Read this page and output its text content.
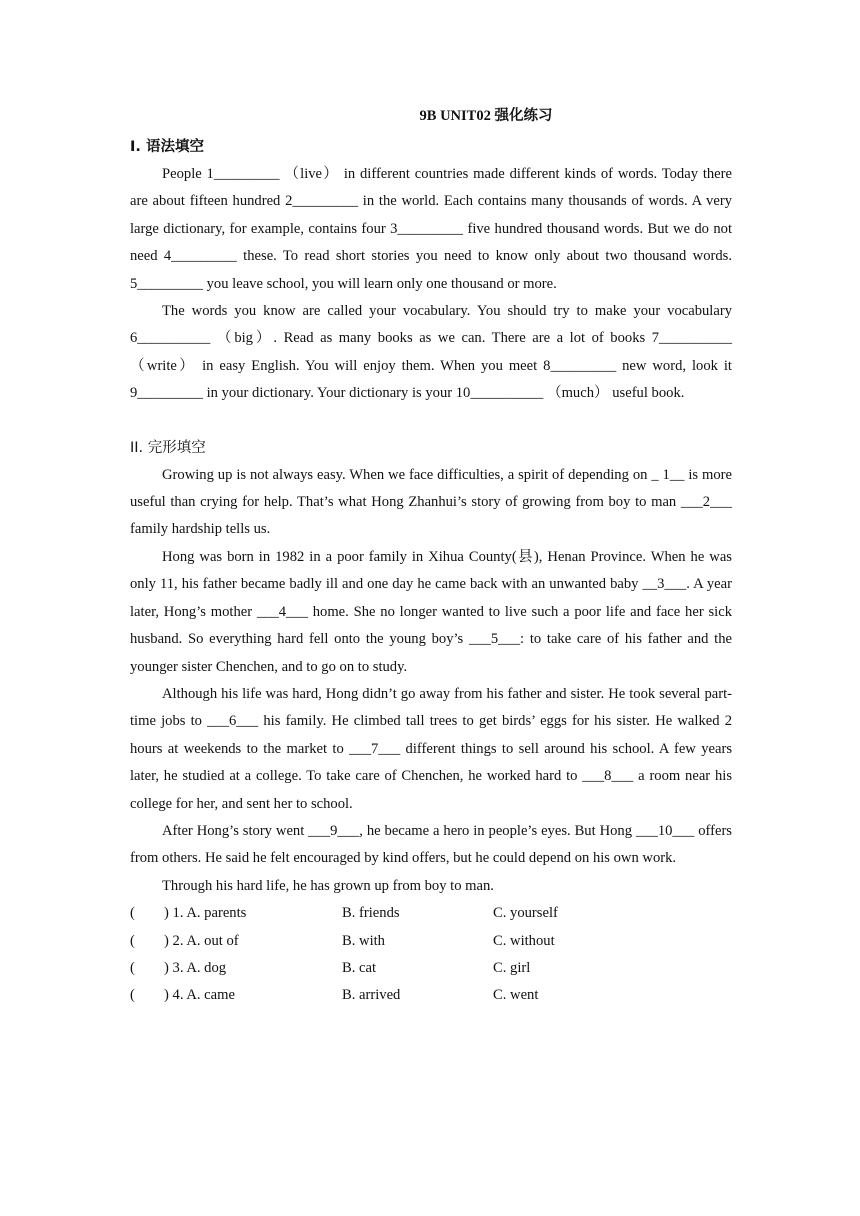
9B UNIT02 强化练习
I. 语法填空

People 1_________ （live） in different countries made different kinds of words. Today there are about fifteen hundred 2_________ in the world. Each contains many thousands of words. A very large dictionary, for example, contains four 3_________ five hundred thousand words. But we do not need 4_________ these. To read short stories you need to know only about two thousand words. 5_________ you leave school, you will learn only one thousand or more.

The words you know are called your vocabulary. You should try to make your vocabulary 6__________ （big）. Read as many books as we can. There are a lot of books 7__________ （write） in easy English. You will enjoy them. When you meet 8_________ new word, look it 9_________ in your dictionary. Your dictionary is your 10__________ （much） useful book.

II. 完形填空

Growing up is not always easy. When we face difficulties, a spirit of depending on _ 1__ is more useful than crying for help. That’s what Hong Zhanhui’s story of growing from boy to man ___2___ family hardship tells us.

Hong was born in 1982 in a poor family in Xihua County(县), Henan Province. When he was only 11, his father became badly ill and one day he came back with an unwanted baby __3___. A year later, Hong’s mother ___4___ home. She no longer wanted to live such a poor life and face her sick husband. So everything hard fell onto the young boy’s ___5___: to take care of his father and the younger sister Chenchen, and to go on to study.

Although his life was hard, Hong didn’t go away from his father and sister. He took several part-time jobs to ___6___ his family. He climbed tall trees to get birds’ eggs for his sister. He walked 2 hours at weekends to the market to ___7___ different things to sell around his school. A few years later, he studied at a college. To take care of Chenchen, he worked hard to ___8___ a room near his college for her, and sent her to school.

After Hong’s story went ___9___, he became a hero in people’s eyes. But Hong ___10___ offers from others. He said he felt encouraged by kind offers, but he could depend on his own work.

Through his hard life, he has grown up from boy to man.

(        ) 1. A. parents	B. friends	C. yourself
(        ) 2. A. out of	B. with	C. without
(        ) 3. A. dog	B. cat	C. girl
(        ) 4. A. came	B. arrived	C. went
